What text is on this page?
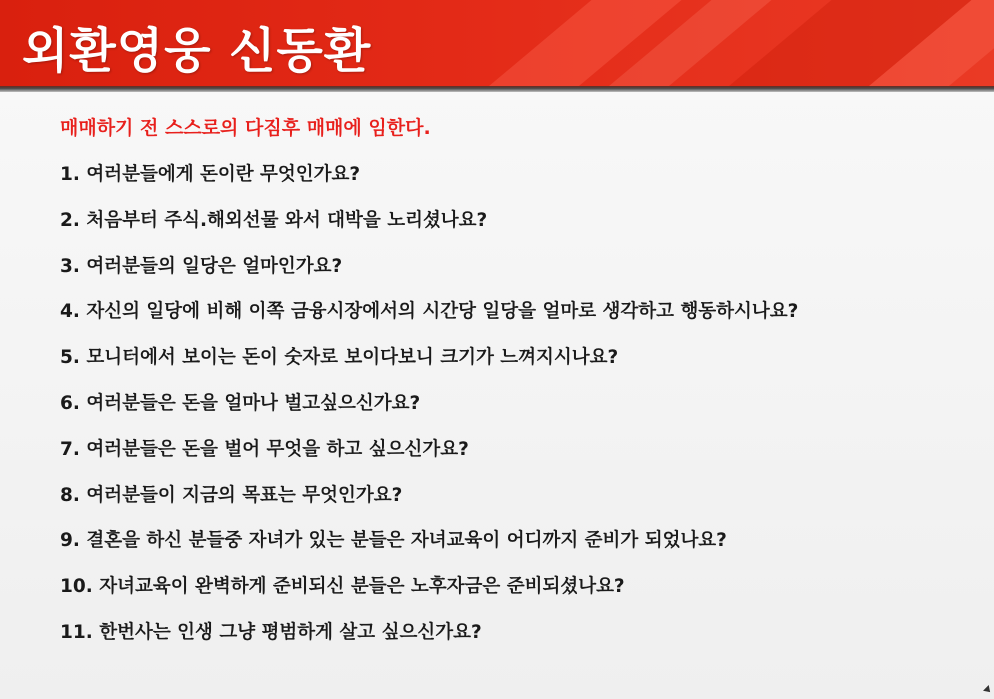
외환영웅 신동환

매매하기 전 스스로의 다짐후 매매에 임한다.

1. 여러분들에게 돈이란 무엇인가요?
2. 처음부터 주식.해외선물 와서 대박을 노리셨나요?
3. 여러분들의 일당은 얼마인가요?
4. 자신의 일당에 비해 이쪽 금융시장에서의 시간당 일당을 얼마로 생각하고 행동하시나요?
5. 모니터에서 보이는 돈이 숫자로 보이다보니 크기가 느껴지시나요?
6. 여러분들은 돈을 얼마나 벌고싶으신가요?
7. 여러분들은 돈을 벌어 무엇을 하고 싶으신가요?
8. 여러분들이 지금의 목표는 무엇인가요?
9. 결혼을 하신 분들중 자녀가 있는 분들은 자녀교육이 어디까지 준비가 되었나요?
10. 자녀교육이 완벽하게 준비되신 분들은 노후자금은 준비되셨나요?
11. 한번사는 인생 그냥 평범하게 살고 싶으신가요?
